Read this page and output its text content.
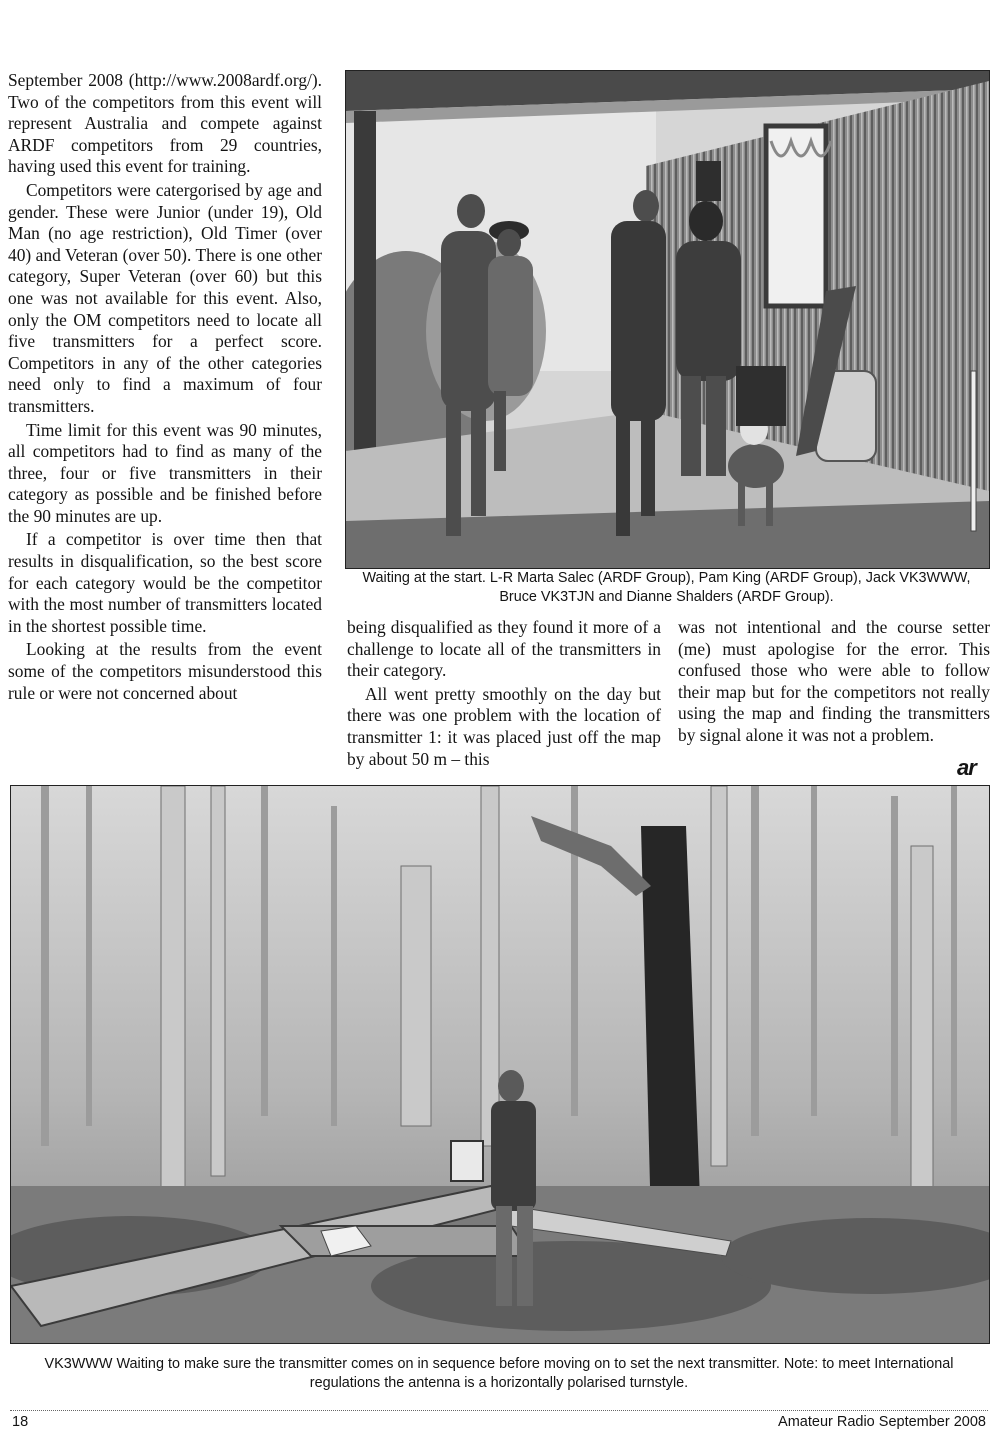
September 2008 (http://www.2008ardf.org/). Two of the competitors from this event will represent Australia and compete against ARDF competitors from 29 countries, having used this event for training.

Competitors were catergorised by age and gender. These were Junior (under 19), Old Man (no age restriction), Old Timer (over 40) and Veteran (over 50). There is one other category, Super Veteran (over 60) but this one was not available for this event. Also, only the OM competitors need to locate all five transmitters for a perfect score. Competitors in any of the other categories need only to find a maximum of four transmitters.

Time limit for this event was 90 minutes, all competitors had to find as many of the three, four or five transmitters in their category as possible and be finished before the 90 minutes are up.

If a competitor is over time then that results in disqualification, so the best score for each category would be the competitor with the most number of transmitters located in the shortest possible time.

Looking at the results from the event some of the competitors misunderstood this rule or were not concerned about

Waiting at the start. L-R Marta Salec (ARDF Group), Pam King (ARDF Group), Jack VK3WWW, Bruce VK3TJN and Dianne Shalders (ARDF Group).

being disqualified as they found it more of a challenge to locate all of the transmitters in their category.

All went pretty smoothly on the day but there was one problem with the location of transmitter 1: it was placed just off the map by about 50 m – this

was not intentional and the course setter (me) must apologise for the error. This confused those who were able to follow their map but for the competitors not really using the map and finding the transmitters by signal alone it was not a problem.

ar
VK3WWW Waiting to make sure the transmitter comes on in sequence before moving on to set the next transmitter. Note: to meet International regulations the antenna is a horizontally polarised turnstyle.
18	Amateur Radio September 2008
